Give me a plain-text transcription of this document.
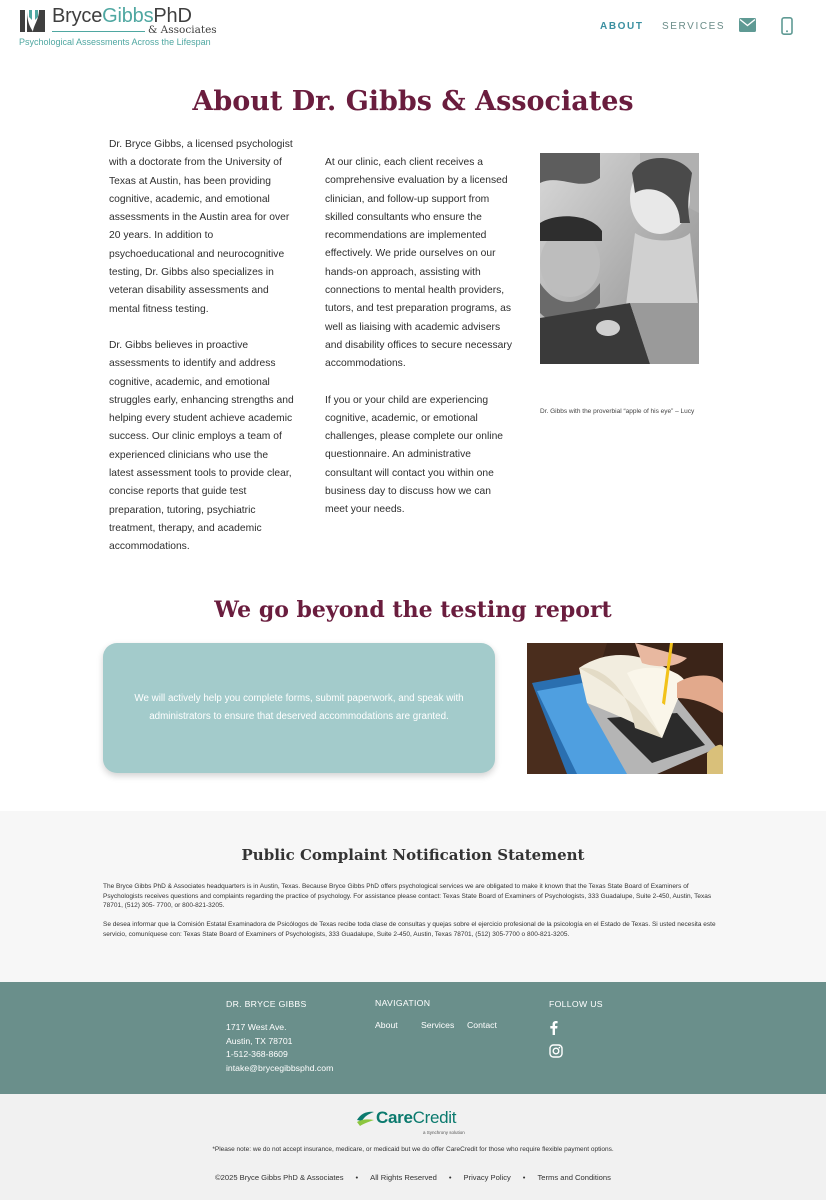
BryceGibbsPhD
& Associates
Psychological Assessments Across the Lifespan
ABOUT SERVICES
About Dr. Gibbs & Associates

Dr. Bryce Gibbs, a licensed psychologist with a doctorate from the University of Texas at Austin, has been providing cognitive, academic, and emotional assessments in the Austin area for over 20 years. In addition to psychoeducational and neurocognitive testing, Dr. Gibbs also specializes in veteran disability assessments and mental fitness testing.

Dr. Gibbs believes in proactive assessments to identify and address cognitive, academic, and emotional struggles early, enhancing strengths and helping every student achieve academic success. Our clinic employs a team of experienced clinicians who use the latest assessment tools to provide clear, concise reports that guide test preparation, tutoring, psychiatric treatment, therapy, and academic accommodations.

At our clinic, each client receives a comprehensive evaluation by a licensed clinician, and follow-up support from skilled consultants who ensure the recommendations are implemented effectively. We pride ourselves on our hands-on approach, assisting with connections to mental health providers, tutors, and test preparation programs, as well as liaising with academic advisers and disability offices to secure necessary accommodations.

If you or your child are experiencing cognitive, academic, or emotional challenges, please complete our online questionnaire. An administrative consultant will contact you within one business day to discuss how we can meet your needs.

Dr. Gibbs with the proverbial “apple of his eye” – Lucy
We go beyond the testing report
We will actively help you complete forms, submit paperwork, and speak with administrators to ensure that deserved accommodations are granted.
Public Complaint Notification Statement

The Bryce Gibbs PhD & Associates headquarters is in Austin, Texas. Because Bryce Gibbs PhD offers psychological services we are obligated to make it known that the Texas State Board of Examiners of Psychologists receives questions and complaints regarding the practice of psychology. For assistance please contact: Texas State Board of Examiners of Psychologists, 333 Guadalupe, Suite 2-450, Austin, Texas 78701, (512) 305- 7700, or 800-821-3205.

Se desea informar que la Comisión Estatal Examinadora de Psicólogos de Texas recibe toda clase de consultas y quejas sobre el ejercicio profesional de la psicología en el Estado de Texas. Si usted necesita este servicio, comuníquese con: Texas State Board of Examiners of Psychologists, 333 Guadalupe, Suite 2-450, Austin, Texas 78701, (512) 305-7700 o 800-821-3205.

DR. BRYCE GIBBS
1717 West Ave.
Austin, TX 78701
1-512-368-8609
intake@brycegibbsphd.com
NAVIGATION
About	Services Contact
FOLLOW US
CareCredit
a Synchrony solution
*Please note: we do not accept insurance, medicare, or medicaid but we do offer CareCredit for those who require flexible payment options.
©2025 Bryce Gibbs PhD & Associates • All Rights Reserved • Privacy Policy • Terms and Conditions
